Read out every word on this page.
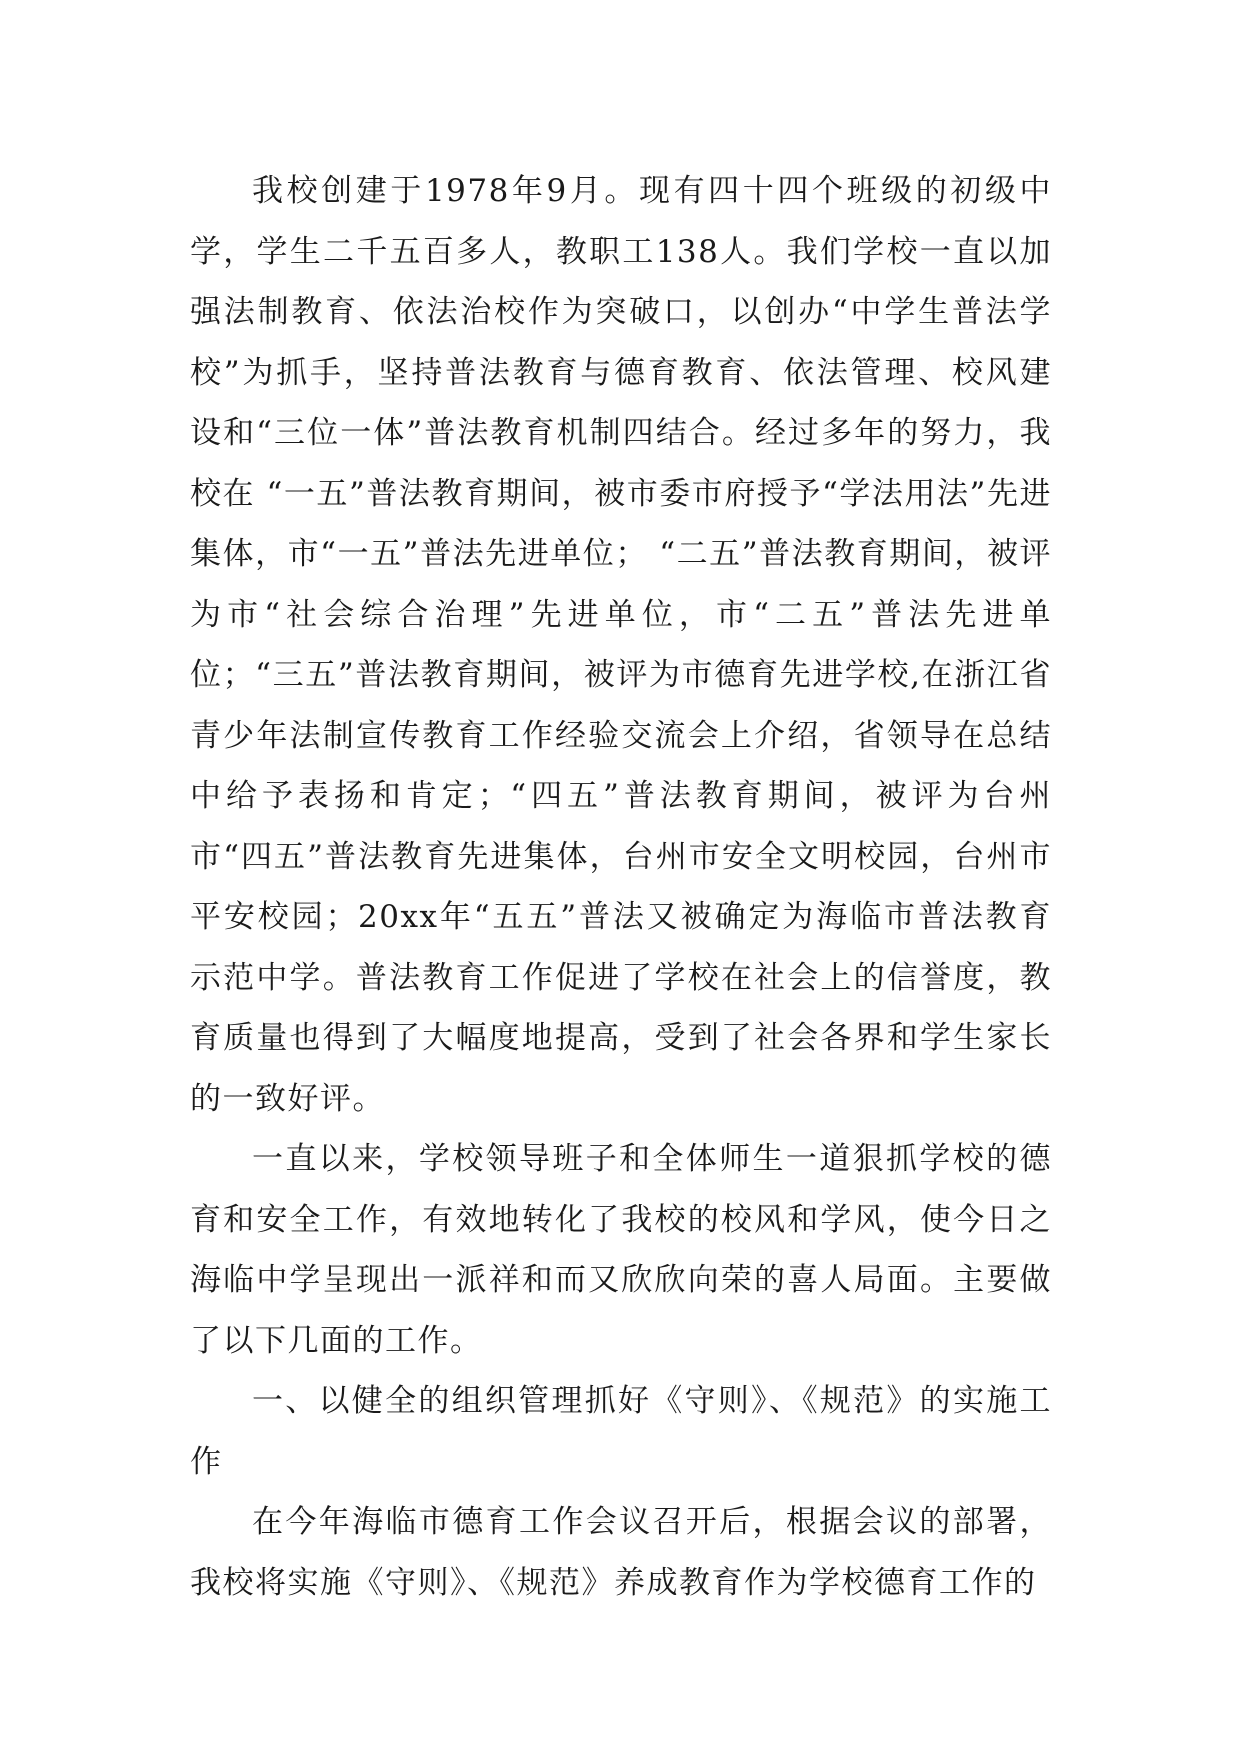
我校创建于1978年9月。现有四十四个班级的初级中学，学生二千五百多人，教职工138人。我们学校一直以加强法制教育、依法治校作为突破口，以创办“中学生普法学校”为抓手，坚持普法教育与德育教育、依法管理、校风建设和“三位一体”普法教育机制四结合。经过多年的努力，我校在 “一五”普法教育期间，被市委市府授予“学法用法”先进集体，市“一五”普法先进单位； “二五”普法教育期间，被评为市“社会综合治理”先进单位，市“二五”普法先进单位；“三五”普法教育期间，被评为市德育先进学校,在浙江省青少年法制宣传教育工作经验交流会上介绍，省领导在总结中给予表扬和肯定；“四五”普法教育期间，被评为台州市“四五”普法教育先进集体，台州市安全文明校园，台州市平安校园；20xx年“五五”普法又被确定为海临市普法教育示范中学。普法教育工作促进了学校在社会上的信誉度，教育质量也得到了大幅度地提高，受到了社会各界和学生家长的一致好评。

一直以来，学校领导班子和全体师生一道狠抓学校的德育和安全工作，有效地转化了我校的校风和学风，使今日之海临中学呈现出一派祥和而又欣欣向荣的喜人局面。主要做了以下几面的工作。

一、以健全的组织管理抓好《守则》、《规范》的实施工作

在今年海临市德育工作会议召开后，根据会议的部署，我校将实施《守则》、《规范》养成教育作为学校德育工作的
